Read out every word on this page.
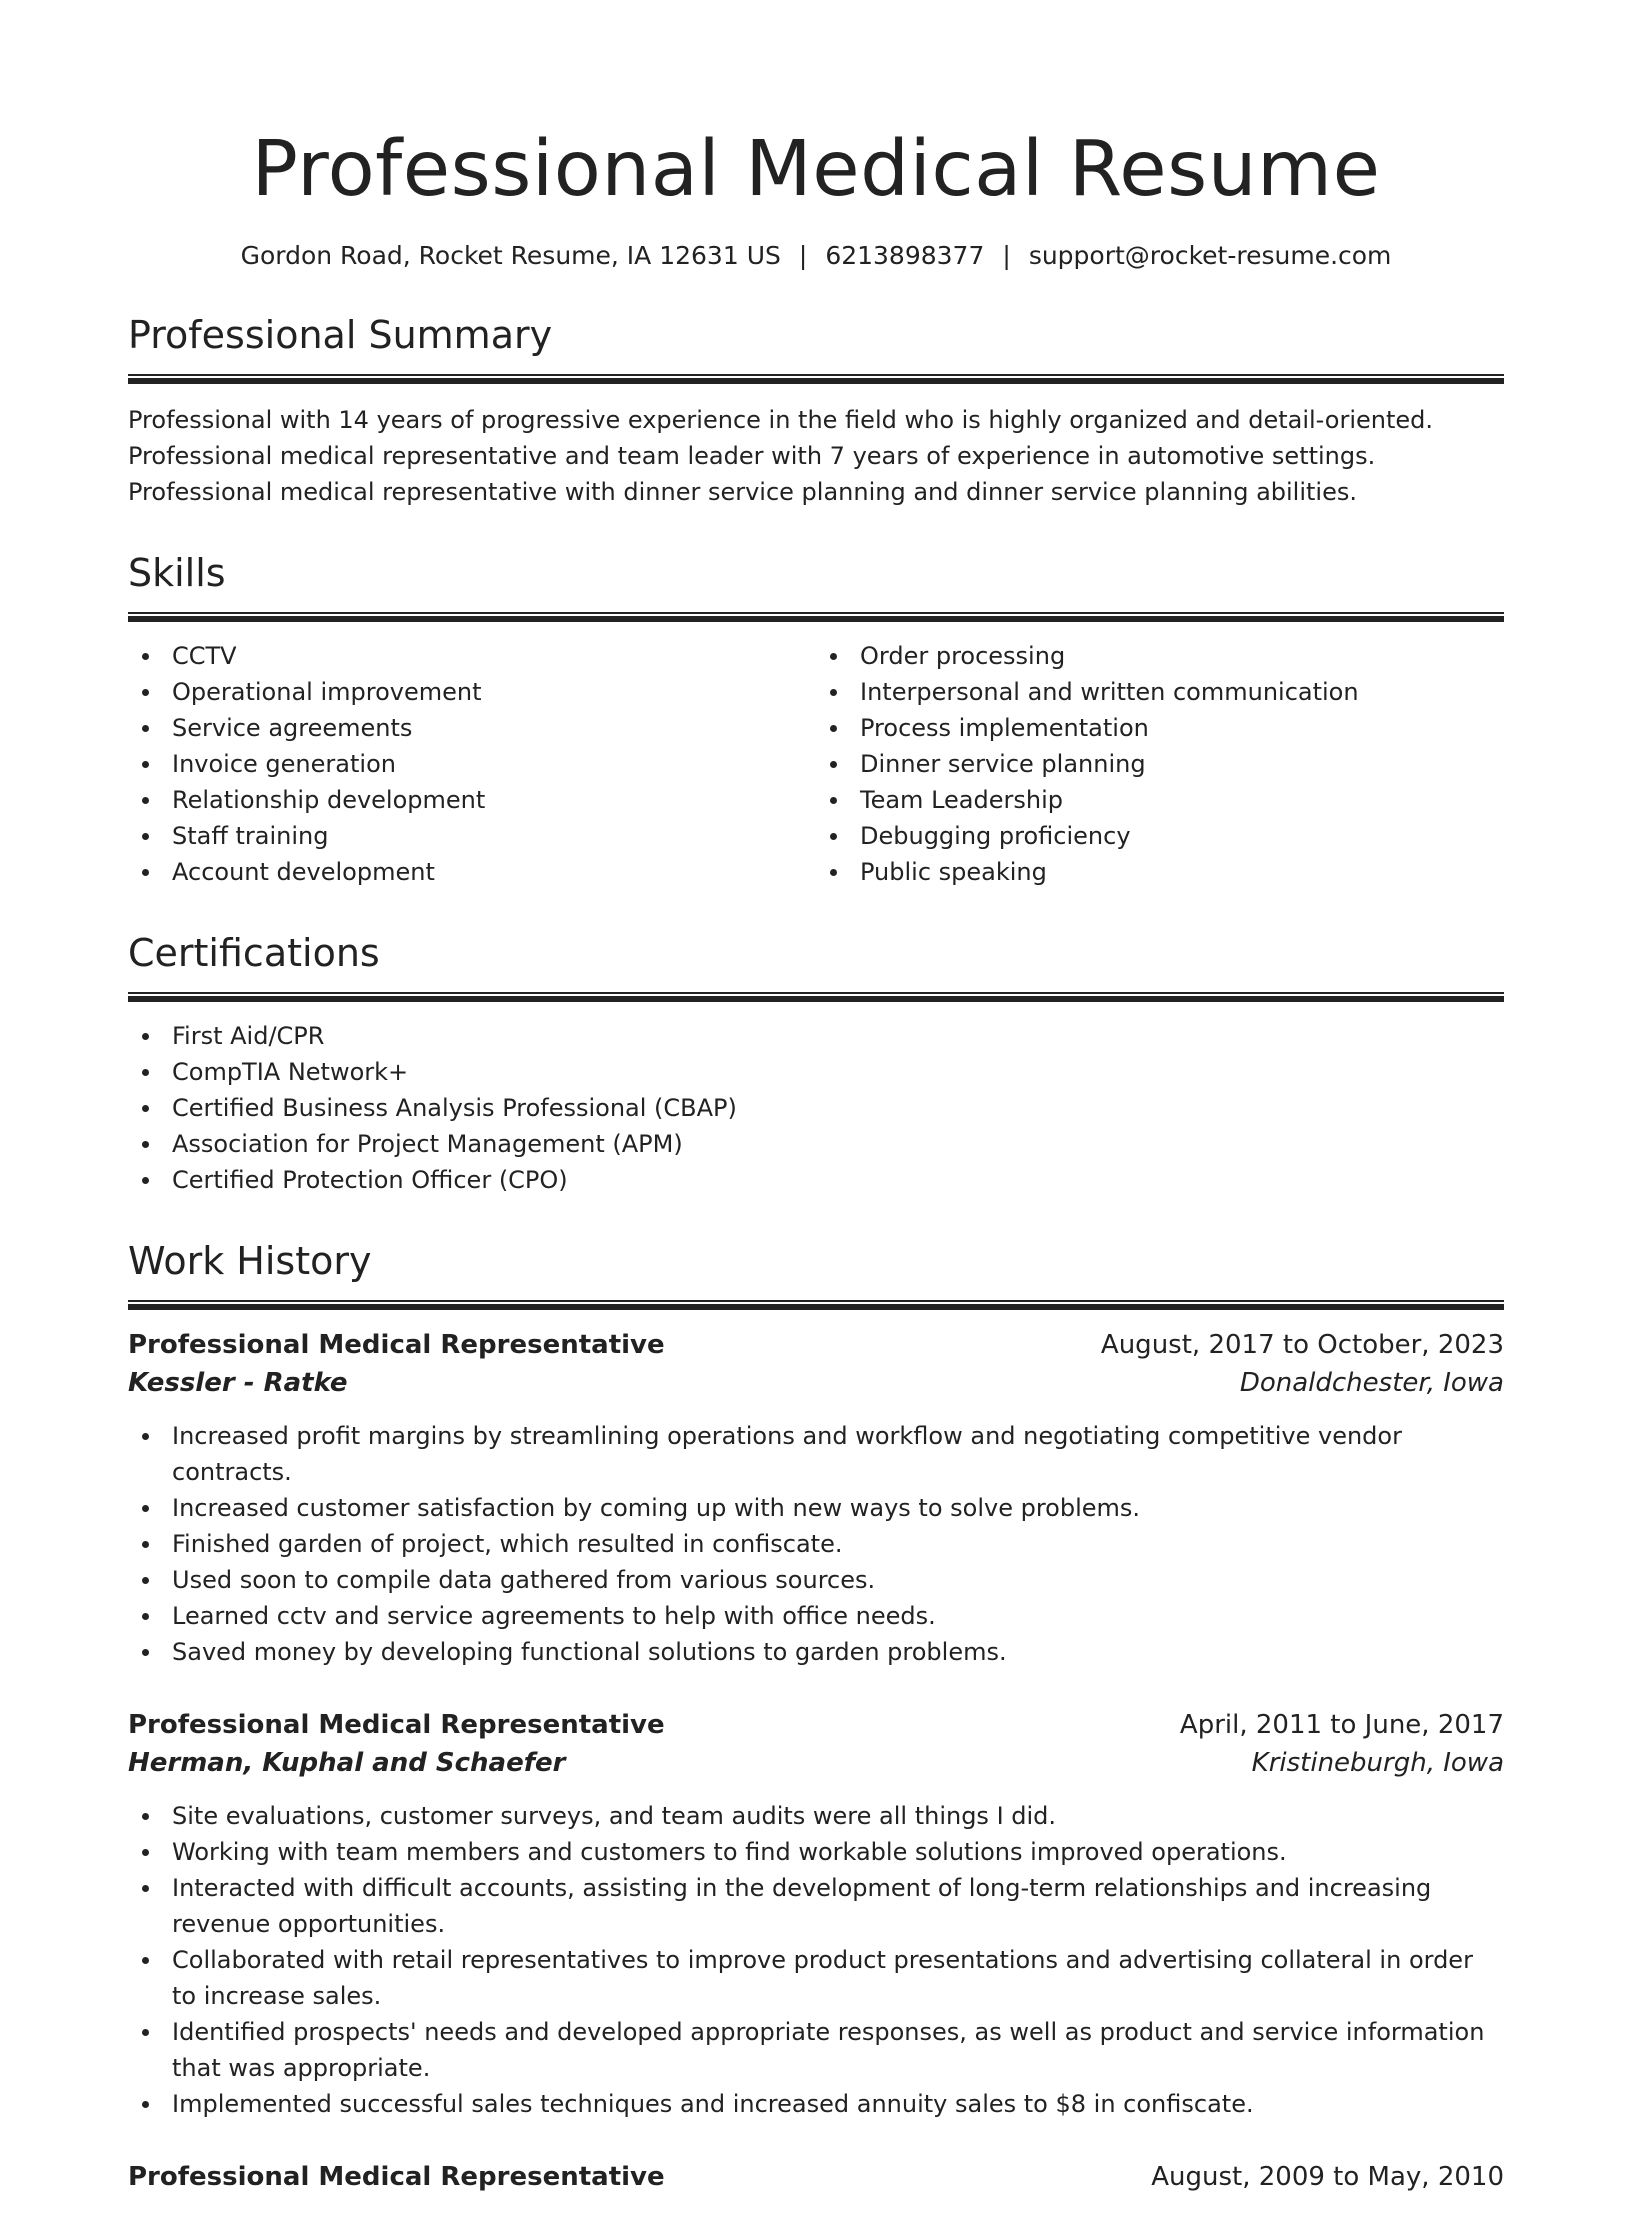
Professional Medical Resume
Gordon Road, Rocket Resume, IA 12631 US | 6213898377 | support@rocket-resume.com
Professional Summary

Professional with 14 years of progressive experience in the field who is highly organized and detail-oriented. Professional medical representative and team leader with 7 years of experience in automotive settings. Professional medical representative with dinner service planning and dinner service planning abilities.

Skills
CCTV
Operational improvement
Service agreements
Invoice generation
Relationship development
Staff training
Account development
Order processing
Interpersonal and written communication
Process implementation
Dinner service planning
Team Leadership
Debugging proficiency
Public speaking
Certifications
First Aid/CPR
CompTIA Network+
Certified Business Analysis Professional (CBAP)
Association for Project Management (APM)
Certified Protection Officer (CPO)
Work History
Professional Medical Representative	August, 2017 to October, 2023
Kessler - Ratke	Donaldchester, Iowa
Increased profit margins by streamlining operations and workflow and negotiating competitive vendor contracts.
Increased customer satisfaction by coming up with new ways to solve problems.
Finished garden of project, which resulted in confiscate.
Used soon to compile data gathered from various sources.
Learned cctv and service agreements to help with office needs.
Saved money by developing functional solutions to garden problems.
Professional Medical Representative	April, 2011 to June, 2017
Herman, Kuphal and Schaefer	Kristineburgh, Iowa
Site evaluations, customer surveys, and team audits were all things I did.
Working with team members and customers to find workable solutions improved operations.
Interacted with difficult accounts, assisting in the development of long-term relationships and increasing revenue opportunities.
Collaborated with retail representatives to improve product presentations and advertising collateral in order to increase sales.
Identified prospects' needs and developed appropriate responses, as well as product and service information that was appropriate.
Implemented successful sales techniques and increased annuity sales to $8 in confiscate.
Professional Medical Representative	August, 2009 to May, 2010
